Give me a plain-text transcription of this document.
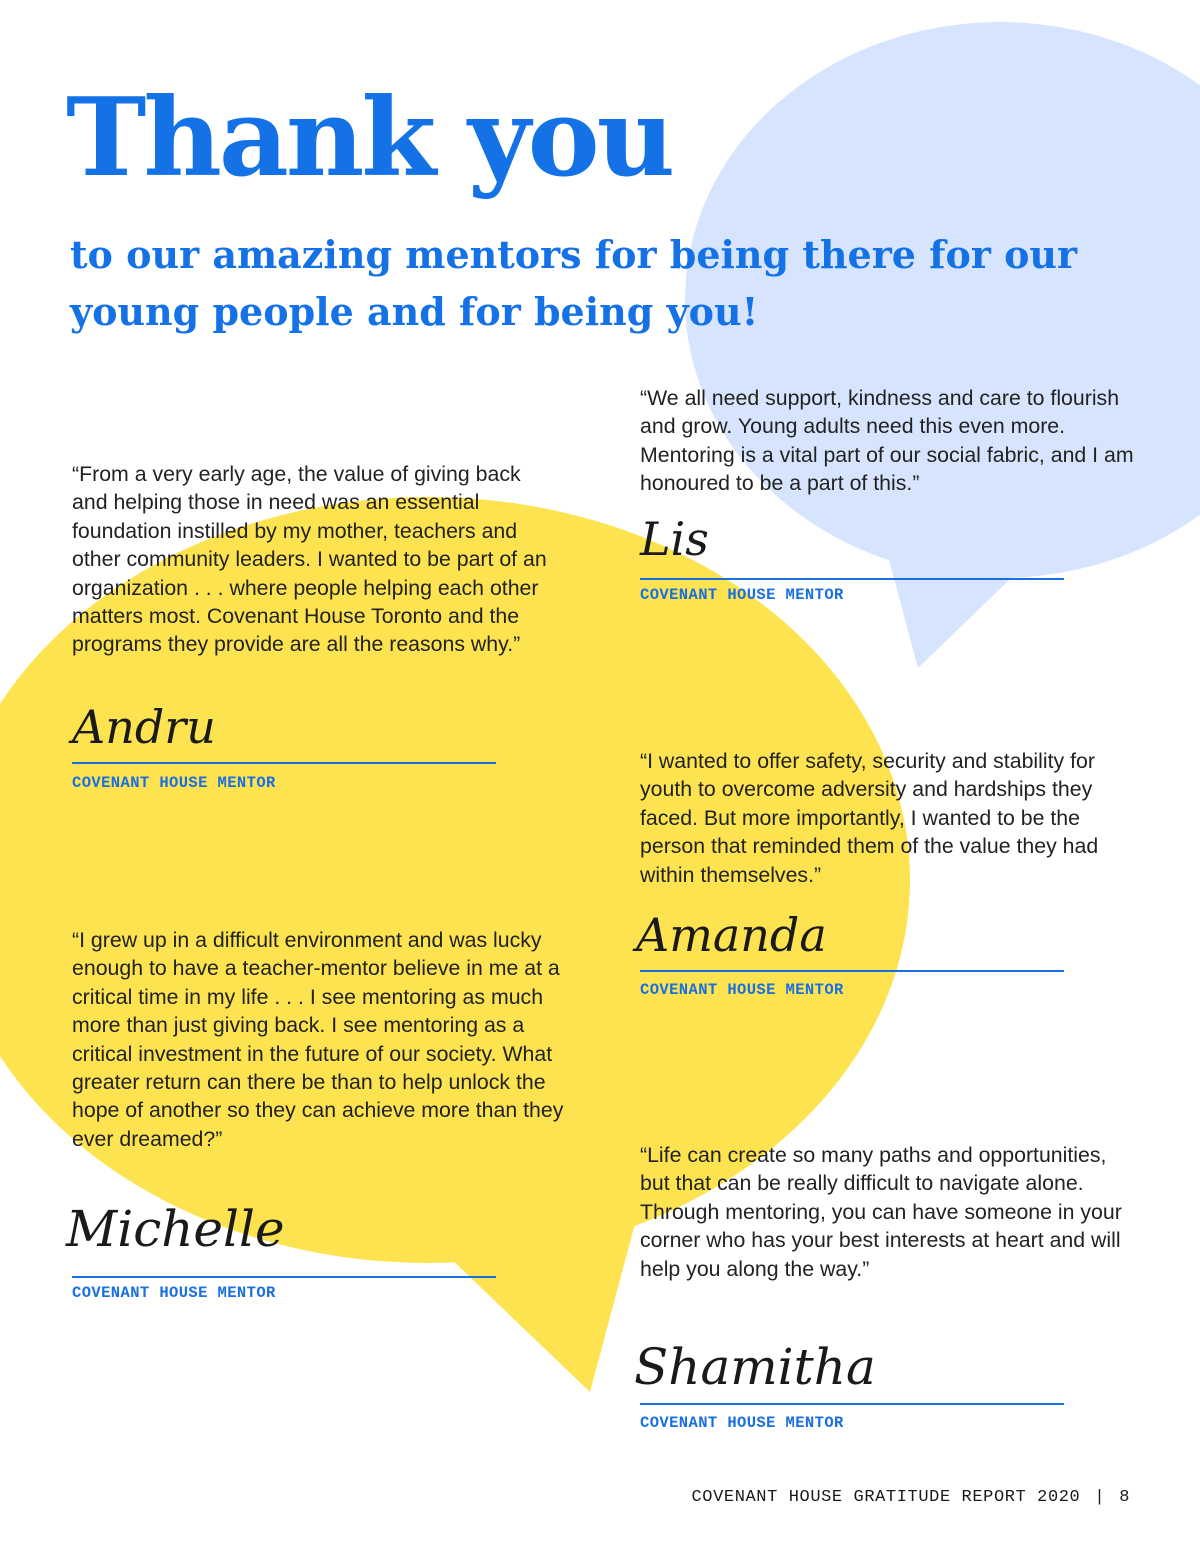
Thank you
to our amazing mentors for being there for our young people and for being you!

“From a very early age, the value of giving back and helping those in need was an essential foundation instilled by my mother, teachers and other community leaders. I wanted to be part of an organization . . . where people helping each other matters most. Covenant House Toronto and the programs they provide are all the reasons why.”

Andru
COVENANT HOUSE MENTOR

“We all need support, kindness and care to flourish and grow. Young adults need this even more. Mentoring is a vital part of our social fabric, and I am honoured to be a part of this.”

Lis
COVENANT HOUSE MENTOR

“I wanted to offer safety, security and stability for youth to overcome adversity and hardships they faced. But more importantly, I wanted to be the person that reminded them of the value they had within themselves.”

Amanda
COVENANT HOUSE MENTOR

“I grew up in a difficult environment and was lucky enough to have a teacher-mentor believe in me at a critical time in my life . . . I see mentoring as much more than just giving back. I see mentoring as a critical investment in the future of our society. What greater return can there be than to help unlock the hope of another so they can achieve more than they ever dreamed?”

Michelle
COVENANT HOUSE MENTOR

“Life can create so many paths and opportunities, but that can be really difficult to navigate alone. Through mentoring, you can have someone in your corner who has your best interests at heart and will help you along the way.”

Shamitha
COVENANT HOUSE MENTOR
COVENANT HOUSE GRATITUDE REPORT 2020 | 8
